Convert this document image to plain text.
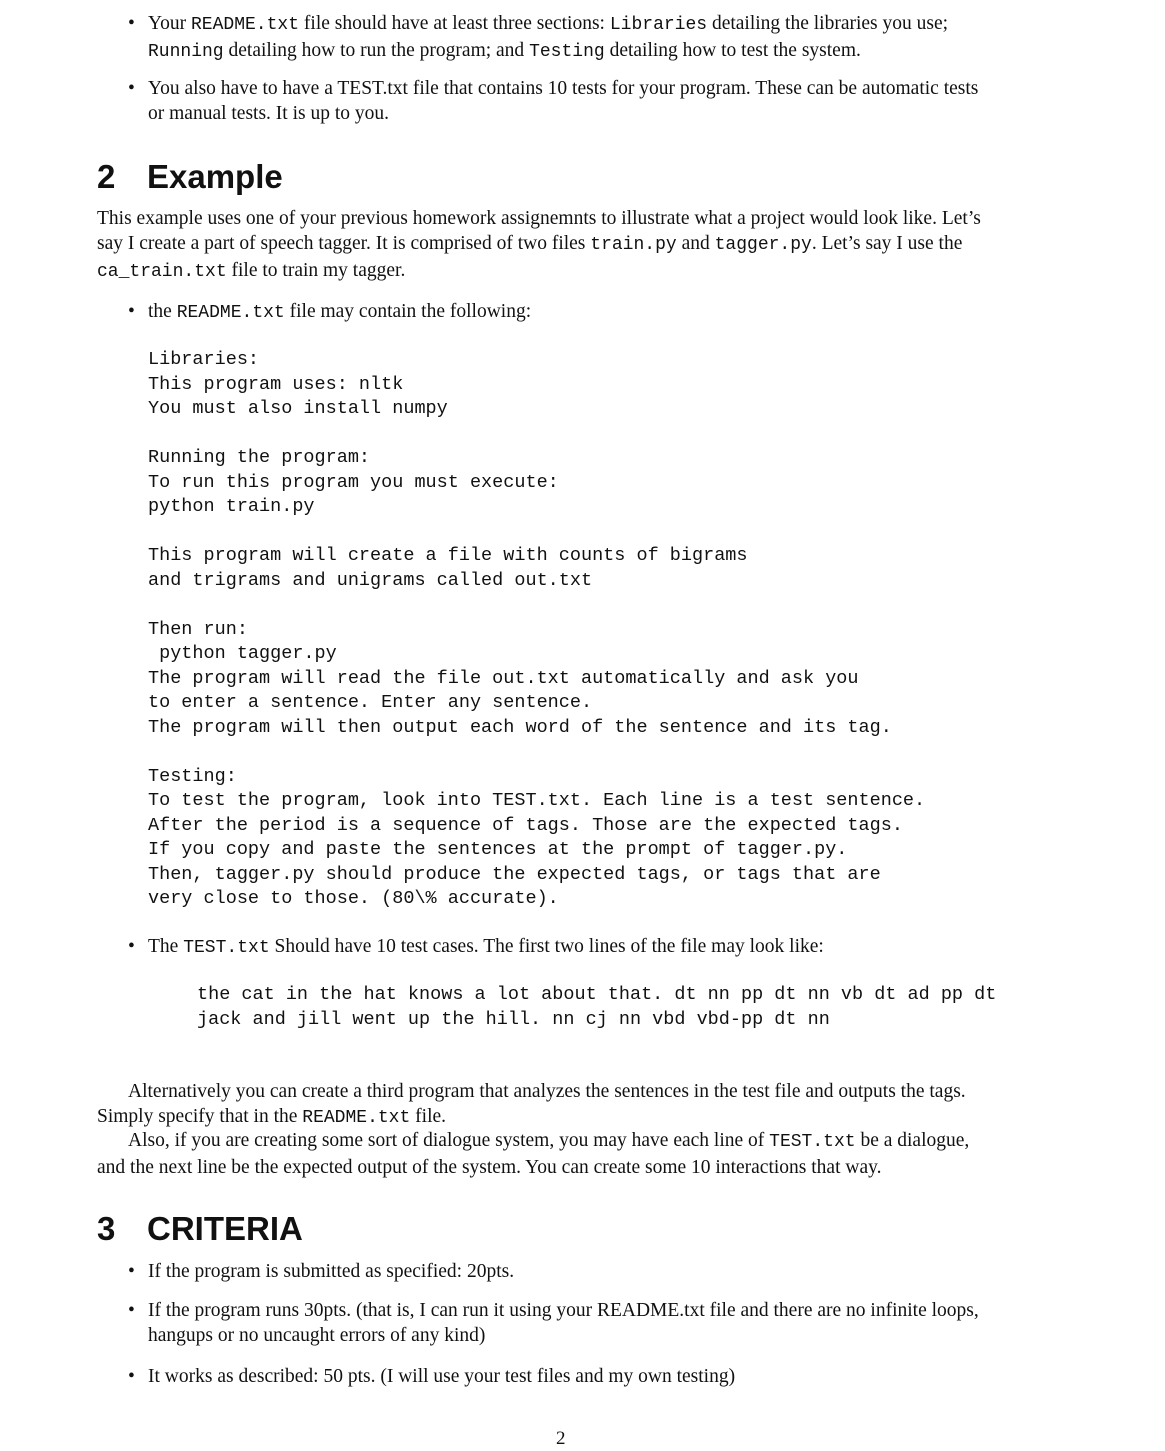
• Your README.txt file should have at least three sections: Libraries detailing the libraries you use;
Running detailing how to run the program; and Testing detailing how to test the system.
• You also have to have a TEST.txt file that contains 10 tests for your program. These can be automatic tests
or manual tests. It is up to you.
2 Example
This example uses one of your previous homework assignemnts to illustrate what a project would look like. Let’s
say I create a part of speech tagger. It is comprised of two files train.py and tagger.py. Let’s say I use the
ca_train.txt file to train my tagger.
• the README.txt file may contain the following:
Libraries:
This program uses: nltk
You must also install numpy

Running the program:
To run this program you must execute:
python train.py

This program will create a file with counts of bigrams
and trigrams and unigrams called out.txt

Then run:
python tagger.py
The program will read the file out.txt automatically and ask you
to enter a sentence. Enter any sentence.
The program will then output each word of the sentence and its tag.

Testing:
To test the program, look into TEST.txt. Each line is a test sentence.
After the period is a sequence of tags. Those are the expected tags.
If you copy and paste the sentences at the prompt of tagger.py.
Then, tagger.py should produce the expected tags, or tags that are
very close to those. (80\% accurate).
• The TEST.txt Should have 10 test cases. The first two lines of the file may look like:
the cat in the hat knows a lot about that. dt nn pp dt nn vb dt ad pp dt
jack and jill went up the hill. nn cj nn vbd vbd-pp dt nn
Alternatively you can create a third program that analyzes the sentences in the test file and outputs the tags.
Simply specify that in the README.txt file.
Also, if you are creating some sort of dialogue system, you may have each line of TEST.txt be a dialogue,
and the next line be the expected output of the system. You can create some 10 interactions that way.
3 CRITERIA
• If the program is submitted as specified: 20pts.
• If the program runs 30pts. (that is, I can run it using your README.txt file and there are no infinite loops,
hangups or no uncaught errors of any kind)
• It works as described: 50 pts. (I will use your test files and my own testing)
2
